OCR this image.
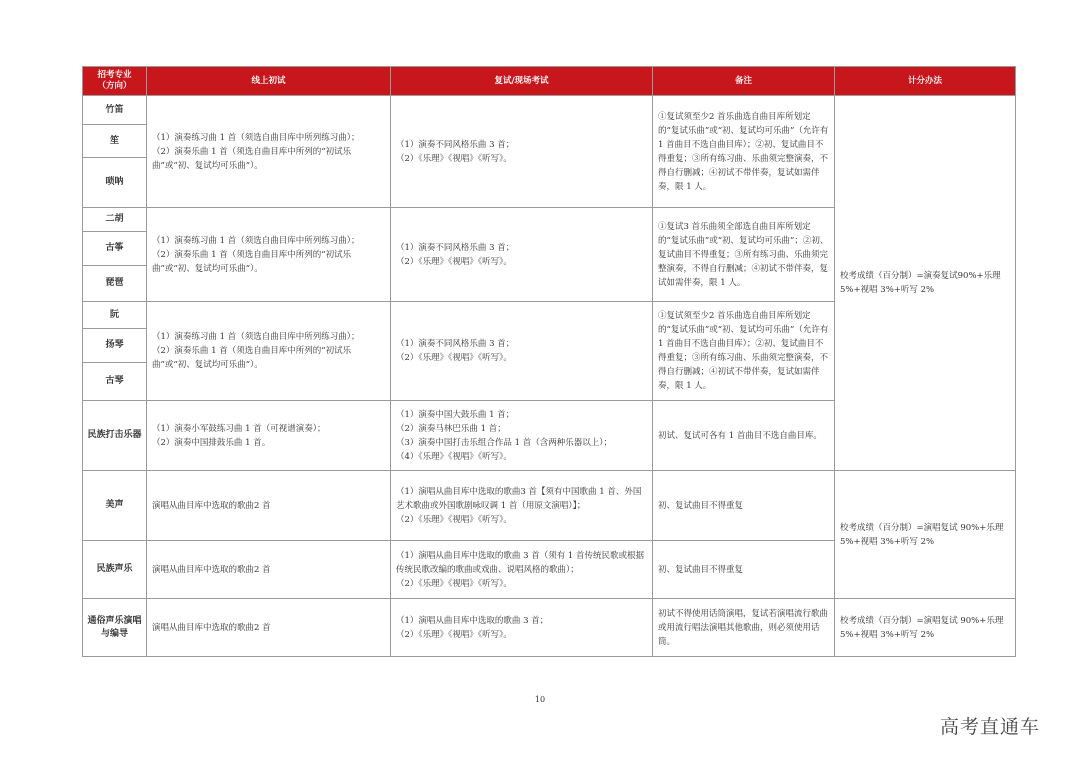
招考专业
（方向）	线上初试	复试/现场考试	备注	计分办法
竹笛	（1）演奏练习曲 1 首（须选自曲目库中所列练习曲）；
（2）演奏乐曲 1 首（须选自曲目库中所列的“初试乐曲”或“初、复试均可乐曲”）。	（1）演奏不同风格乐曲 3 首；
（2）《乐理》《视唱》《听写》。	①复试须至少2 首乐曲选自曲目库所划定的“复试乐曲”或“初、复试均可乐曲”（允许有 1 首曲目不选自曲目库）；②初、复试曲目不得重复；③所有练习曲、乐曲须完整演奏，不得自行删减；④初试不带伴奏，复试如需伴奏，限 1 人。	校考成绩（百分制）=演奏复试90%+乐理 5%+视唱 3%+听写 2%
笙				
唢呐				
二胡	（1）演奏练习曲 1 首（须选自曲目库中所列练习曲）；
（2）演奏乐曲 1 首（须选自曲目库中所列的“初试乐曲”或“初、复试均可乐曲”）。	（1）演奏不同风格乐曲 3 首；
（2）《乐理》《视唱》《听写》。	①复试3 首乐曲须全部选自曲目库所划定的“复试乐曲”或“初、复试均可乐曲”；②初、复试曲目不得重复；③所有练习曲、乐曲须完整演奏，不得自行删减；④初试不带伴奏，复试如需伴奏，限 1 人。	
古筝				
琵琶				
阮	（1）演奏练习曲 1 首（须选自曲目库中所列练习曲）；
（2）演奏乐曲 1 首（须选自曲目库中所列的“初试乐曲”或“初、复试均可乐曲”）。	（1）演奏不同风格乐曲 3 首；
（2）《乐理》《视唱》《听写》。	①复试须至少2 首乐曲选自曲目库所划定的“复试乐曲”或“初、复试均可乐曲”（允许有 1 首曲目不选自曲目库）；②初、复试曲目不得重复；③所有练习曲、乐曲须完整演奏，不得自行删减；④初试不带伴奏，复试如需伴奏，限 1 人。	
扬琴				
古琴				
民族打击乐器	（1）演奏小军鼓练习曲 1 首（可视谱演奏）；
（2）演奏中国排鼓乐曲 1 首。	（1）演奏中国大鼓乐曲 1 首；
（2）演奏马林巴乐曲 1 首；
（3）演奏中国打击乐组合作品 1 首（含两种乐器以上）；
（4）《乐理》《视唱》《听写》。	初试、复试可各有 1 首曲目不选自曲目库。	
美声	演唱从曲目库中选取的歌曲2 首	（1）演唱从曲目库中选取的歌曲3 首【须有中国歌曲 1 首、外国艺术歌曲或外国歌剧咏叹调 1 首（用原文演唱）】；
（2）《乐理》《视唱》《听写》。	初、复试曲目不得重复	校考成绩（百分制）=演唱复试 90%+乐理 5%+视唱 3%+听写 2%
民族声乐	演唱从曲目库中选取的歌曲2 首	（1）演唱从曲目库中选取的歌曲 3 首（须有 1 首传统民歌或根据传统民歌改编的歌曲或戏曲、说唱风格的歌曲）；
（2）《乐理》《视唱》《听写》。	初、复试曲目不得重复	
通俗声乐演唱与编导	演唱从曲目库中选取的歌曲2 首	（1）演唱从曲目库中选取的歌曲 3 首；
（2）《乐理》《视唱》《听写》。	初试不得使用话筒演唱，复试若演唱流行歌曲或用流行唱法演唱其他歌曲，则必须使用话筒。	校考成绩（百分制）=演唱复试 90%+乐理 5%+视唱 3%+听写 2%
10
高考直通车
